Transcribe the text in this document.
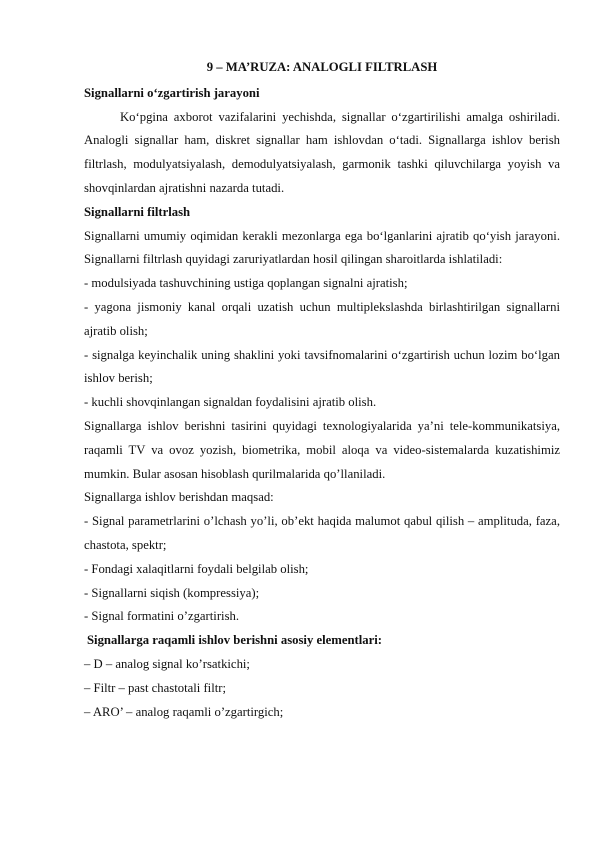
9 – MA’RUZA: ANALOGLI FILTRLASH

Signallarni o‘zgartirish jarayoni

Ko‘pgina axborot vazifalarini yechishda, signallar o‘zgartirilishi amalga oshiriladi. Analogli signallar ham, diskret signallar ham ishlovdan o‘tadi. Signallarga ishlov berish filtrlash, modulyatsiyalash, demodulyatsiyalash, garmonik tashki qiluvchilarga yoyish va shovqinlardan ajratishni nazarda tutadi.

Signallarni filtrlash

Signallarni umumiy oqimidan kerakli mezonlarga ega bo‘lganlarini ajratib qo‘yish jarayoni. Signallarni filtrlash quyidagi zaruriyatlardan hosil qilingan sharoitlarda ishlatiladi:

- modulsiyada tashuvchining ustiga qoplangan signalni ajratish;

- yagona jismoniy kanal orqali uzatish uchun multiplekslashda birlashtirilgan signallarni ajratib olish;

- signalga keyinchalik uning shaklini yoki tavsifnomalarini o‘zgartirish uchun lozim bo‘lgan ishlov berish;

- kuchli shovqinlangan signaldan foydalisini ajratib olish.

Signallarga ishlov berishni tasirini quyidagi texnologiyalarida ya’ni tele-kommunikatsiya, raqamli TV va ovoz yozish, biometrika, mobil aloqa va video-sistemalarda kuzatishimiz mumkin. Bular asosan hisoblash qurilmalarida qo’llaniladi.

Signallarga ishlov berishdan maqsad:

- Signal parametrlarini o’lchash yo’li, ob’ekt haqida malumot qabul qilish – amplituda, faza, chastota, spektr;

- Fondagi xalaqitlarni foydali belgilab olish;

- Signallarni siqish (kompressiya);

- Signal formatini o’zgartirish.

Signallarga raqamli ishlov berishni asosiy elementlari:

– D – analog signal ko’rsatkichi;

– Filtr – past chastotali filtr;

– ARO’ – analog raqamli o’zgartirgich;
